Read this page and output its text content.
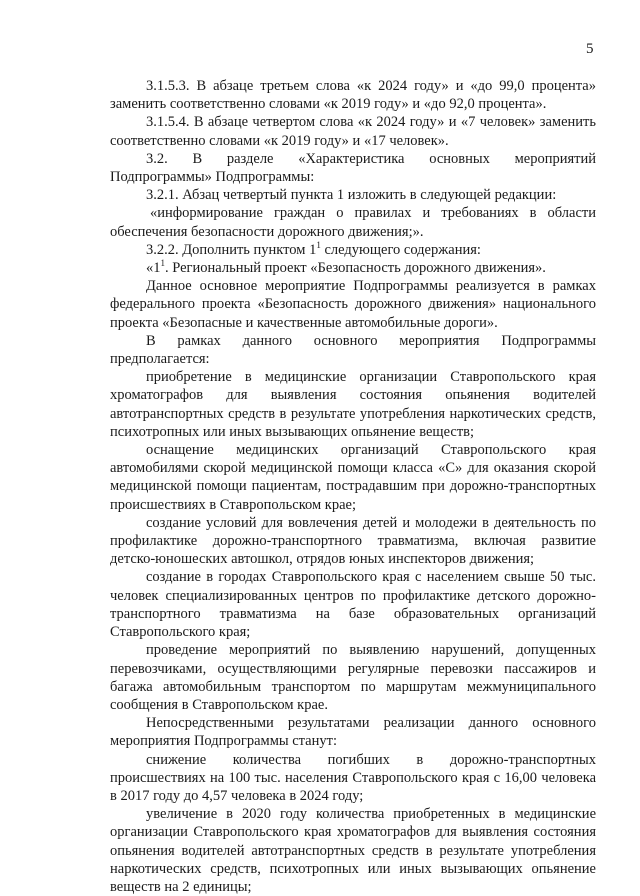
5

3.1.5.3. В абзаце третьем слова «к 2024 году» и «до 99,0 процента» заменить соответственно словами «к 2019 году» и «до 92,0 процента».

3.1.5.4. В абзаце четвертом слова «к 2024 году» и «7 человек» заменить соответственно словами «к 2019 году» и «17 человек».

3.2. В разделе «Характеристика основных мероприятий Подпрограммы» Подпрограммы:

3.2.1. Абзац четвертый пункта 1 изложить в следующей редакции:

«информирование граждан о правилах и требованиях в области обеспечения безопасности дорожного движения;».

3.2.2. Дополнить пунктом $1^1$ следующего содержания:

«$1^1$. Региональный проект «Безопасность дорожного движения».

Данное основное мероприятие Подпрограммы реализуется в рамках федерального проекта «Безопасность дорожного движения» национального проекта «Безопасные и качественные автомобильные дороги».

В рамках данного основного мероприятия Подпрограммы предполагается:

приобретение в медицинские организации Ставропольского края хроматографов для выявления состояния опьянения водителей автотранспортных средств в результате употребления наркотических средств, психотропных или иных вызывающих опьянение веществ;

оснащение медицинских организаций Ставропольского края автомобилями скорой медицинской помощи класса «С» для оказания скорой медицинской помощи пациентам, пострадавшим при дорожно-транспортных происшествиях в Ставропольском крае;

создание условий для вовлечения детей и молодежи в деятельность по профилактике дорожно-транспортного травматизма, включая развитие детско-юношеских автошкол, отрядов юных инспекторов движения;

создание в городах Ставропольского края с населением свыше 50 тыс. человек специализированных центров по профилактике детского дорожно-транспортного травматизма на базе образовательных организаций Ставропольского края;

проведение мероприятий по выявлению нарушений, допущенных перевозчиками, осуществляющими регулярные перевозки пассажиров и багажа автомобильным транспортом по маршрутам межмуниципального сообщения в Ставропольском крае.

Непосредственными результатами реализации данного основного мероприятия Подпрограммы станут:

снижение количества погибших в дорожно-транспортных происшествиях на 100 тыс. населения Ставропольского края с 16,00 человека в 2017 году до 4,57 человека в 2024 году;

увеличение в 2020 году количества приобретенных в медицинские организации Ставропольского края хроматографов для выявления состояния опьянения водителей автотранспортных средств в результате употребления наркотических средств, психотропных или иных вызывающих опьянение веществ на 2 единицы;
